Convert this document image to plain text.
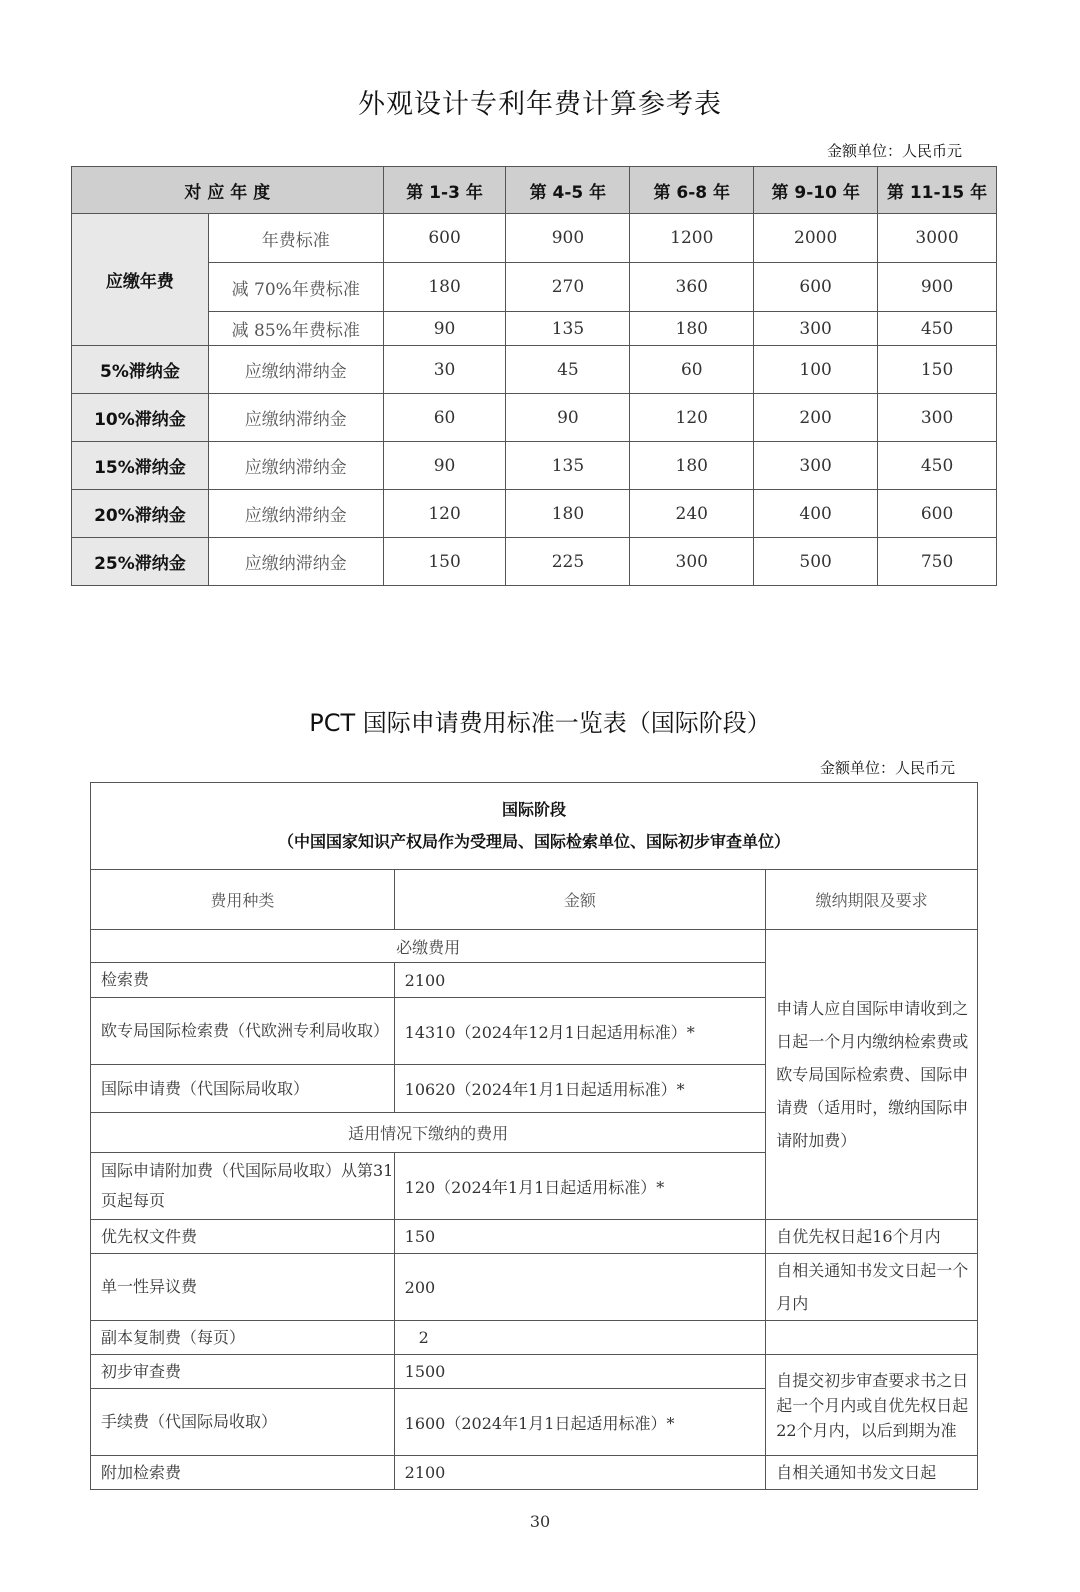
外观设计专利年费计算参考表
金额单位：人民币元
对 应 年 度		第 1-3 年	第 4-5 年	第 6-8 年	第 9-10 年	第 11-15 年
应缴年费	年费标准	600	900	1200	2000	3000
	减 70%年费标准	180	270	360	600	900
	减 85%年费标准	90	135	180	300	450
5%滞纳金	应缴纳滞纳金	30	45	60	100	150
10%滞纳金	应缴纳滞纳金	60	90	120	200	300
15%滞纳金	应缴纳滞纳金	90	135	180	300	450
20%滞纳金	应缴纳滞纳金	120	180	240	400	600
25%滞纳金	应缴纳滞纳金	150	225	300	500	750
PCT 国际申请费用标准一览表（国际阶段）
金额单位：人民币元
国际阶段
（中国国家知识产权局作为受理局、国际检索单位、国际初步审查单位）		

费用种类	金额	缴纳期限及要求
必缴费用		申请人应自国际申请收到之日起一个月内缴纳检索费或欧专局国际检索费、国际申请费（适用时，缴纳国际申请附加费）
检索费	2100	
欧专局国际检索费（代欧洲专利局收取）	14310（2024年12月1日起适用标准）*	
国际申请费（代国际局收取）	10620（2024年1月1日起适用标准）*	
适用情况下缴纳的费用		
国际申请附加费（代国际局收取）从第31页起每页	120（2024年1月1日起适用标准）*	
优先权文件费	150	自优先权日起16个月内
单一性异议费	200	自相关通知书发文日起一个月内
副本复制费（每页）	2	
初步审查费	1500	自提交初步审查要求书之日起一个月内或自优先权日起22个月内，以后到期为准
手续费（代国际局收取）	1600（2024年1月1日起适用标准）*	
附加检索费	2100	自相关通知书发文日起
30
